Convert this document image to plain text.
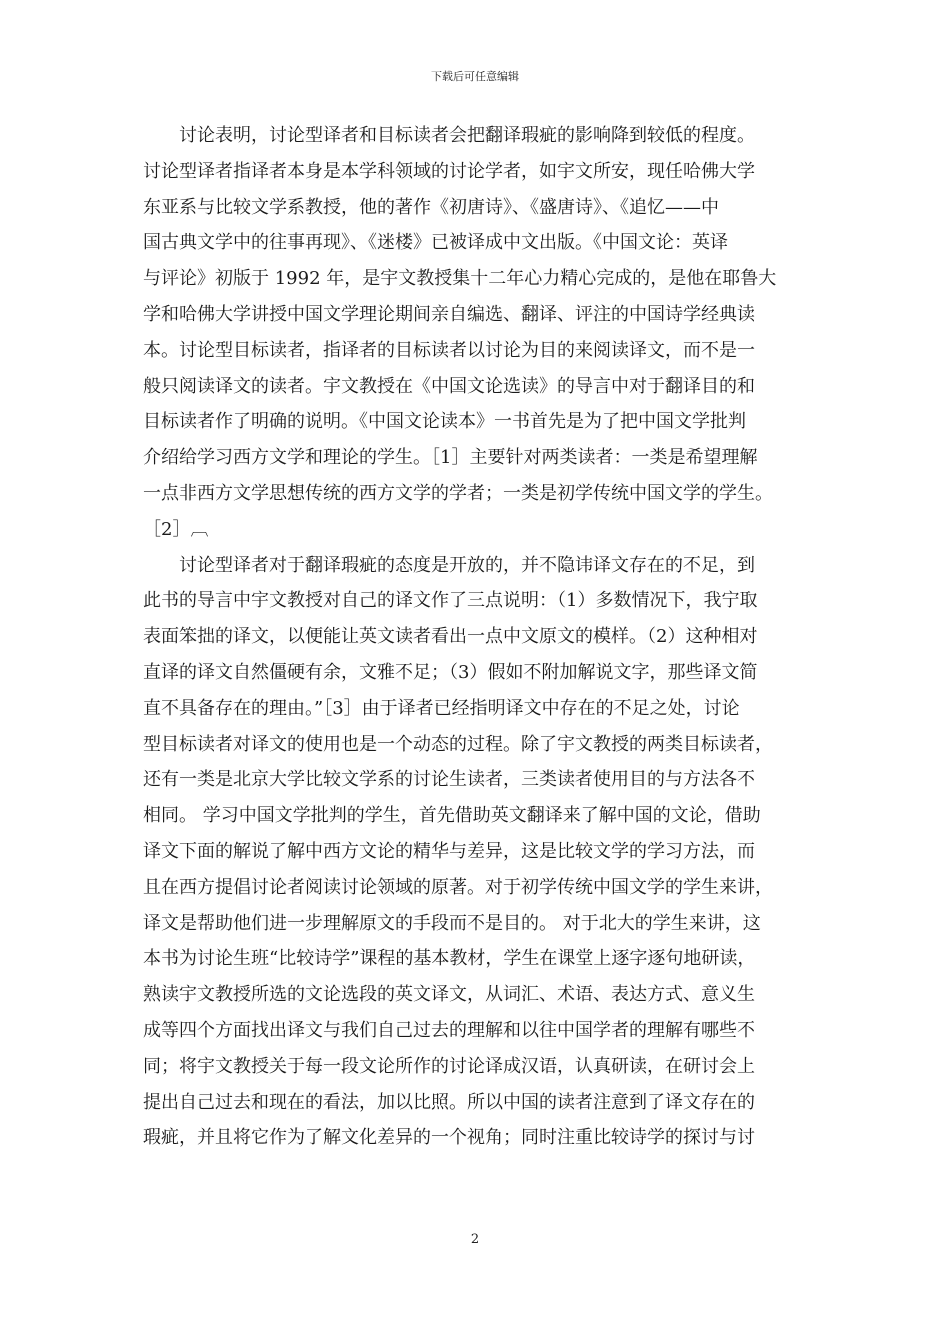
下载后可任意编辑
讨论表明，讨论型译者和目标读者会把翻译瑕疵的影响降到较低的程度。
讨论型译者指译者本身是本学科领域的讨论学者，如宇文所安，现任哈佛大学
东亚系与比较文学系教授，他的著作《初唐诗》、《盛唐诗》、《追忆——中
国古典文学中的往事再现》、《迷楼》已被译成中文出版。《中国文论：英译
与评论》初版于 1992 年，是宇文教授集十二年心力精心完成的，是他在耶鲁大
学和哈佛大学讲授中国文学理论期间亲自编选、翻译、评注的中国诗学经典读
本。讨论型目标读者，指译者的目标读者以讨论为目的来阅读译文，而不是一
般只阅读译文的读者。宇文教授在《中国文论选读》的导言中对于翻译目的和
目标读者作了明确的说明。《中国文论读本》一书首先是为了把中国文学批判
介绍给学习西方文学和理论的学生。［1］主要针对两类读者：一类是希望理解
一点非西方文学思想传统的西方文学的学者；一类是初学传统中国文学的学生。
［2］︹
讨论型译者对于翻译瑕疵的态度是开放的，并不隐讳译文存在的不足，到
此书的导言中宇文教授对自己的译文作了三点说明：（1）多数情况下，我宁取
表面笨拙的译文，以便能让英文读者看出一点中文原文的模样。（2）这种相对
直译的译文自然僵硬有余，文雅不足；（3）假如不附加解说文字，那些译文简
直不具备存在的理由。”［3］由于译者已经指明译文中存在的不足之处，讨论
型目标读者对译文的使用也是一个动态的过程。除了宇文教授的两类目标读者，
还有一类是北京大学比较文学系的讨论生读者，三类读者使用目的与方法各不
相同。 学习中国文学批判的学生，首先借助英文翻译来了解中国的文论，借助
译文下面的解说了解中西方文论的精华与差异，这是比较文学的学习方法，而
且在西方提倡讨论者阅读讨论领域的原著。对于初学传统中国文学的学生来讲，
译文是帮助他们进一步理解原文的手段而不是目的。 对于北大的学生来讲，这
本书为讨论生班“比较诗学”课程的基本教材，学生在课堂上逐字逐句地研读，
熟读宇文教授所选的文论选段的英文译文，从词汇、术语、表达方式、意义生
成等四个方面找出译文与我们自己过去的理解和以往中国学者的理解有哪些不
同；将宇文教授关于每一段文论所作的讨论译成汉语，认真研读，在研讨会上
提出自己过去和现在的看法，加以比照。所以中国的读者注意到了译文存在的
瑕疵，并且将它作为了解文化差异的一个视角；同时注重比较诗学的探讨与讨
2
